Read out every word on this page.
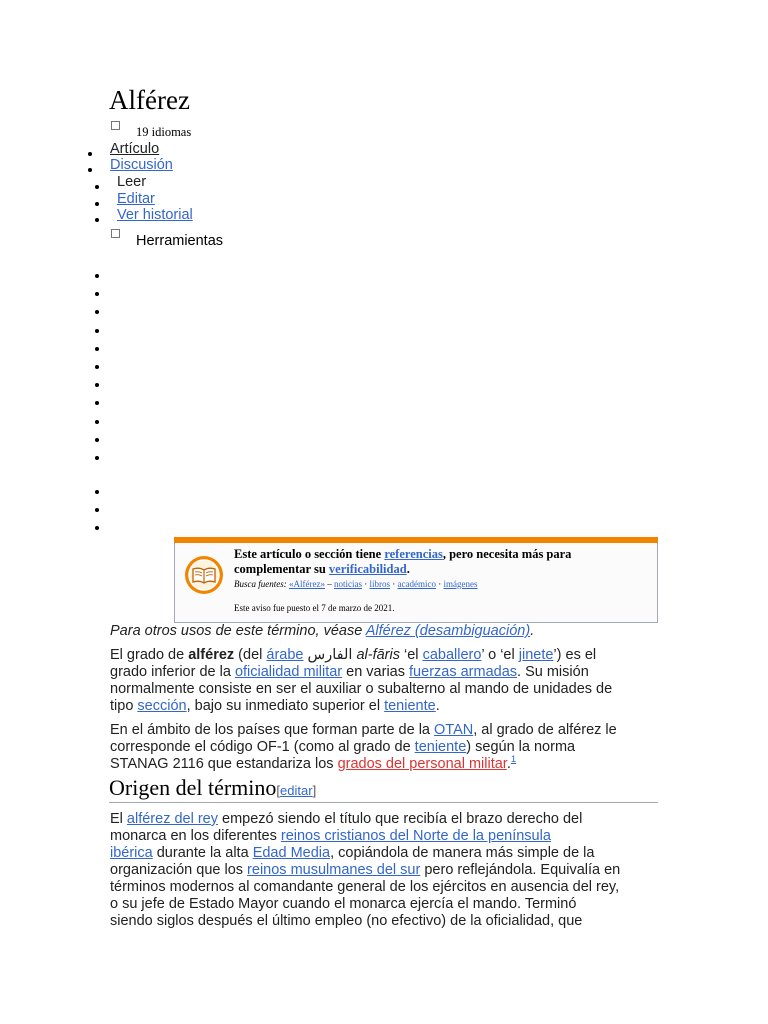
Alférez
19 idiomas
Artículo
Discusión
Leer
Editar
Ver historial
Herramientas
Este artículo o sección tiene referencias, pero necesita más para complementar su verificabilidad.
Busca fuentes: «Alférez» – noticias · libros · académico · imágenes
Este aviso fue puesto el 7 de marzo de 2021.
Para otros usos de este término, véase Alférez (desambiguación).

El grado de alférez (del árabe الفارس al-fāris ‘el caballero’ o ‘el jinete’) es el
grado inferior de la oficialidad militar en varias fuerzas armadas. Su misión
normalmente consiste en ser el auxiliar o subalterno al mando de unidades de
tipo sección, bajo su inmediato superior el teniente.

En el ámbito de los países que forman parte de la OTAN, al grado de alférez le
corresponde el código OF-1 (como al grado de teniente) según la norma
STANAG 2116 que estandariza los grados del personal militar.$^1$

Origen del término[editar]

El alférez del rey empezó siendo el título que recibía el brazo derecho del
monarca en los diferentes reinos cristianos del Norte de la península
ibérica durante la alta Edad Media, copiándola de manera más simple de la
organización que los reinos musulmanes del sur pero reflejándola. Equivalía en
términos modernos al comandante general de los ejércitos en ausencia del rey,
o su jefe de Estado Mayor cuando el monarca ejercía el mando. Terminó
siendo siglos después el último empleo (no efectivo) de la oficialidad, que
